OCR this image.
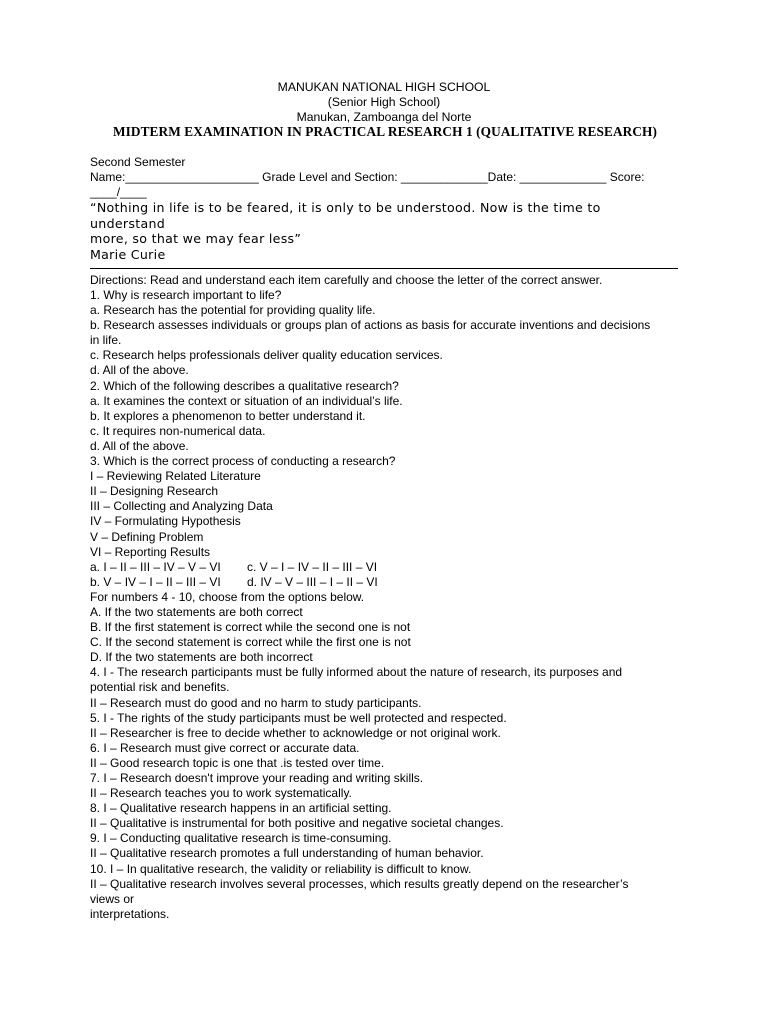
MANUKAN NATIONAL HIGH SCHOOL
(Senior High School)
Manukan, Zamboanga del Norte
MIDTERM EXAMINATION IN PRACTICAL RESEARCH 1 (QUALITATIVE RESEARCH)
Second Semester
Name:____________________ Grade Level and Section: _____________Date: _____________ Score:
____/____
“Nothing in life is to be feared, it is only to be understood. Now is the time to
understand
more, so that we may fear less”
Marie Curie
Directions: Read and understand each item carefully and choose the letter of the correct answer.
1. Why is research important to life?
a. Research has the potential for providing quality life.
b. Research assesses individuals or groups plan of actions as basis for accurate inventions and decisions
in life.
c. Research helps professionals deliver quality education services.
d. All of the above.
2. Which of the following describes a qualitative research?
a. It examines the context or situation of an individual’s life.
b. It explores a phenomenon to better understand it.
c. It requires non-numerical data.
d. All of the above.
3. Which is the correct process of conducting a research?
I – Reviewing Related Literature
II – Designing Research
III – Collecting and Analyzing Data
IV – Formulating Hypothesis
V – Defining Problem
VI – Reporting Results
a. I – II – III – IV – V – VI	c. V – I – IV – II – III – VI
b. V – IV – I – II – III – VI	d. IV – V – III – I – II – VI
For numbers 4 - 10, choose from the options below.
A. If the two statements are both correct
B. If the first statement is correct while the second one is not
C. If the second statement is correct while the first one is not
D. If the two statements are both incorrect
4. I - The research participants must be fully informed about the nature of research, its purposes and
potential risk and benefits.
II – Research must do good and no harm to study participants.
5. I - The rights of the study participants must be well protected and respected.
II – Researcher is free to decide whether to acknowledge or not original work.
6. I – Research must give correct or accurate data.
II – Good research topic is one that .is tested over time.
7. I – Research doesn't improve your reading and writing skills.
II – Research teaches you to work systematically.
8. I – Qualitative research happens in an artificial setting.
II – Qualitative is instrumental for both positive and negative societal changes.
9. I – Conducting qualitative research is time-consuming.
II – Qualitative research promotes a full understanding of human behavior.
10. I – In qualitative research, the validity or reliability is difficult to know.
II – Qualitative research involves several processes, which results greatly depend on the researcher’s
views or
interpretations.
